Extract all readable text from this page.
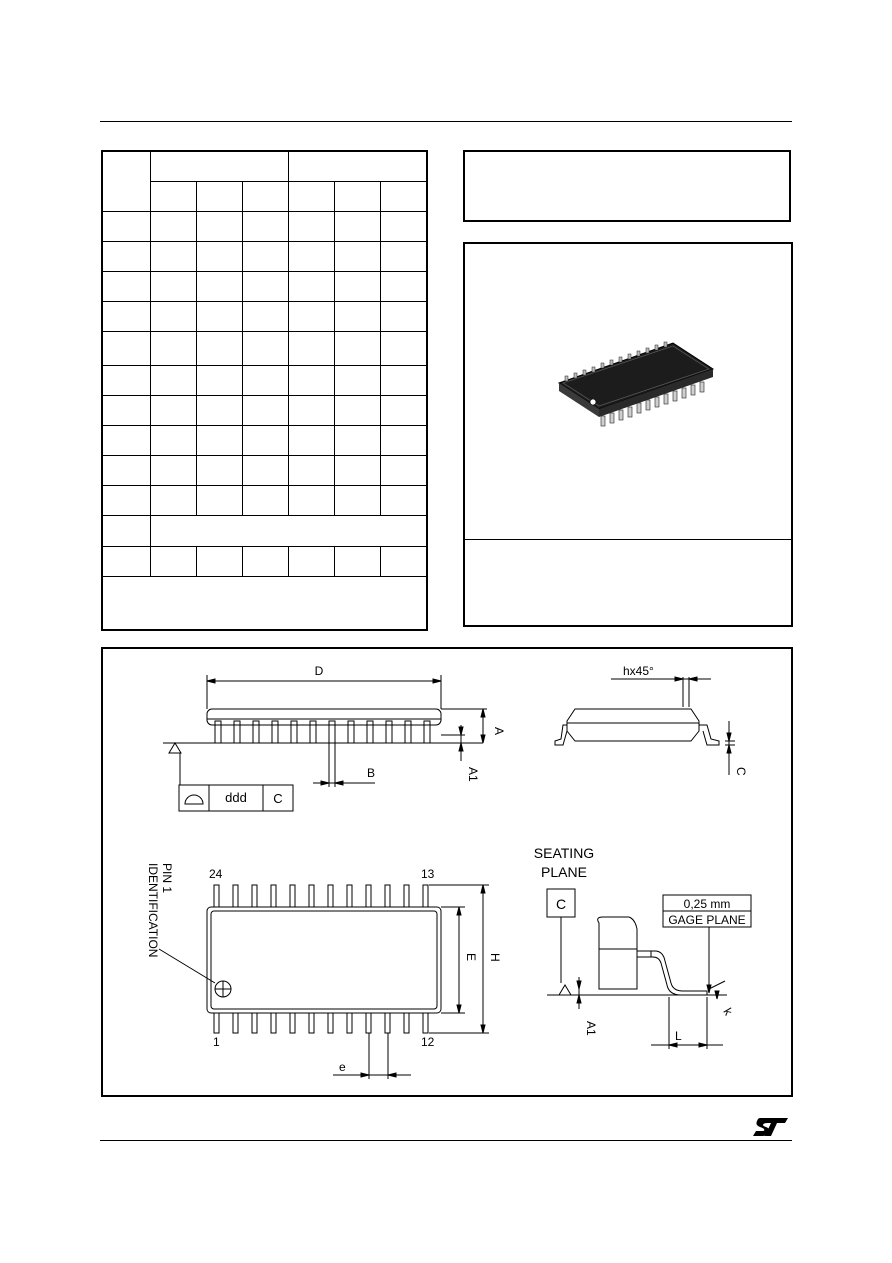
D
A
A1
B
ddd C
hx45°
C
PIN 1
IDENTIFICATION	24	13
1	12
E H
e
SEATING
PLANE
C	0,25 mm
GAGE PLANE
A1
L
k
